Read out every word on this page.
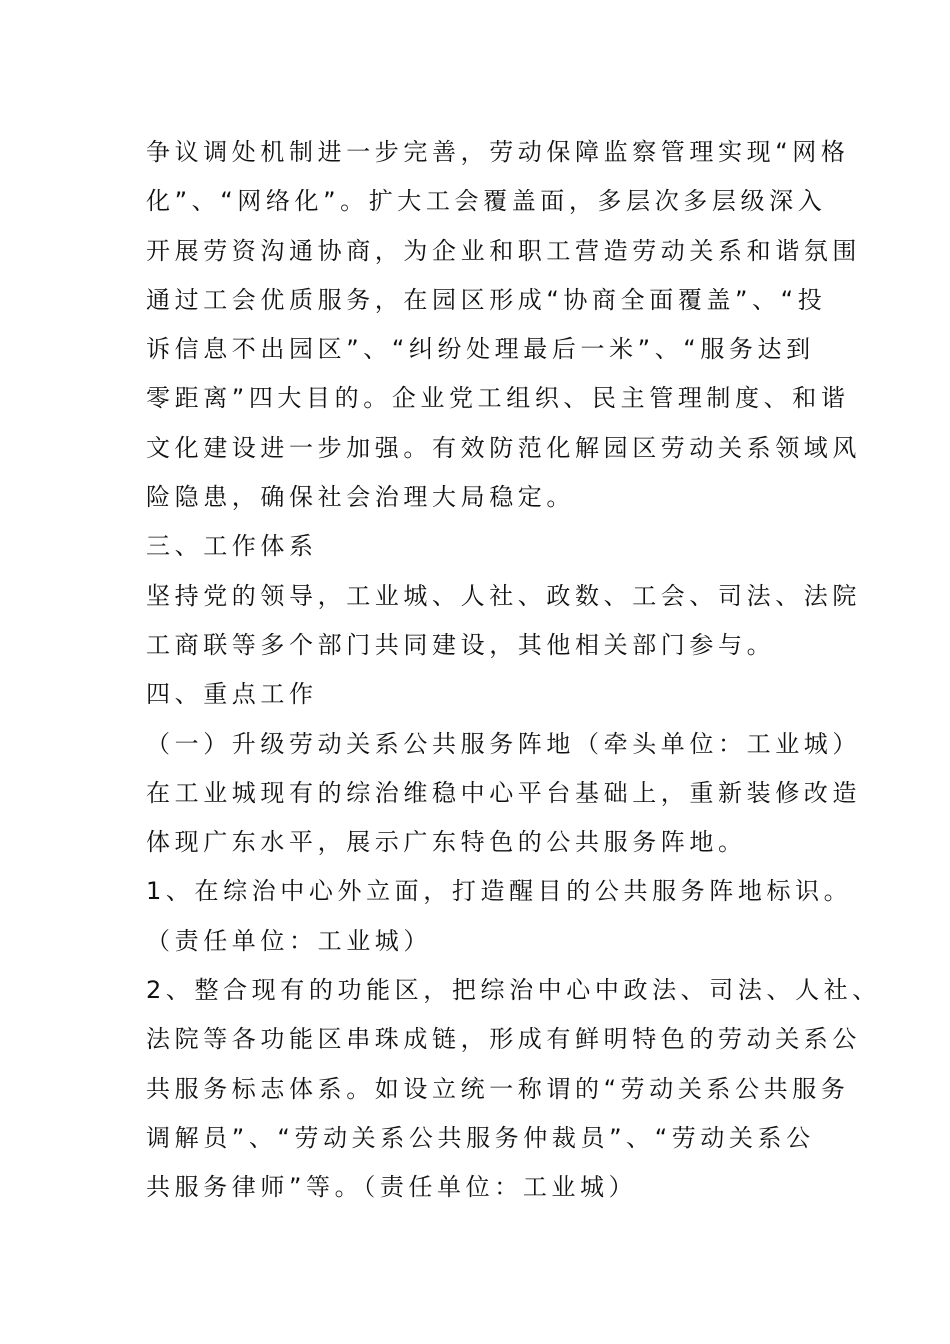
争议调处机制进一步完善，劳动保障监察管理实现“网格
化”、“网络化”。扩大工会覆盖面，多层次多层级深入
开展劳资沟通协商，为企业和职工营造劳动关系和谐氛围
通过工会优质服务，在园区形成“协商全面覆盖”、“投
诉信息不出园区”、“纠纷处理最后一米”、“服务达到
零距离”四大目的。企业党工组织、民主管理制度、和谐
文化建设进一步加强。有效防范化解园区劳动关系领域风
险隐患，确保社会治理大局稳定。
三、工作体系
坚持党的领导，工业城、人社、政数、工会、司法、法院
工商联等多个部门共同建设，其他相关部门参与。
四、重点工作
（一）升级劳动关系公共服务阵地（牵头单位：工业城）
在工业城现有的综治维稳中心平台基础上，重新装修改造
体现广东水平，展示广东特色的公共服务阵地。
1、在综治中心外立面，打造醒目的公共服务阵地标识。
（责任单位：工业城）
2、整合现有的功能区，把综治中心中政法、司法、人社、
法院等各功能区串珠成链，形成有鲜明特色的劳动关系公
共服务标志体系。如设立统一称谓的“劳动关系公共服务
调解员”、“劳动关系公共服务仲裁员”、“劳动关系公
共服务律师”等。（责任单位：工业城）
